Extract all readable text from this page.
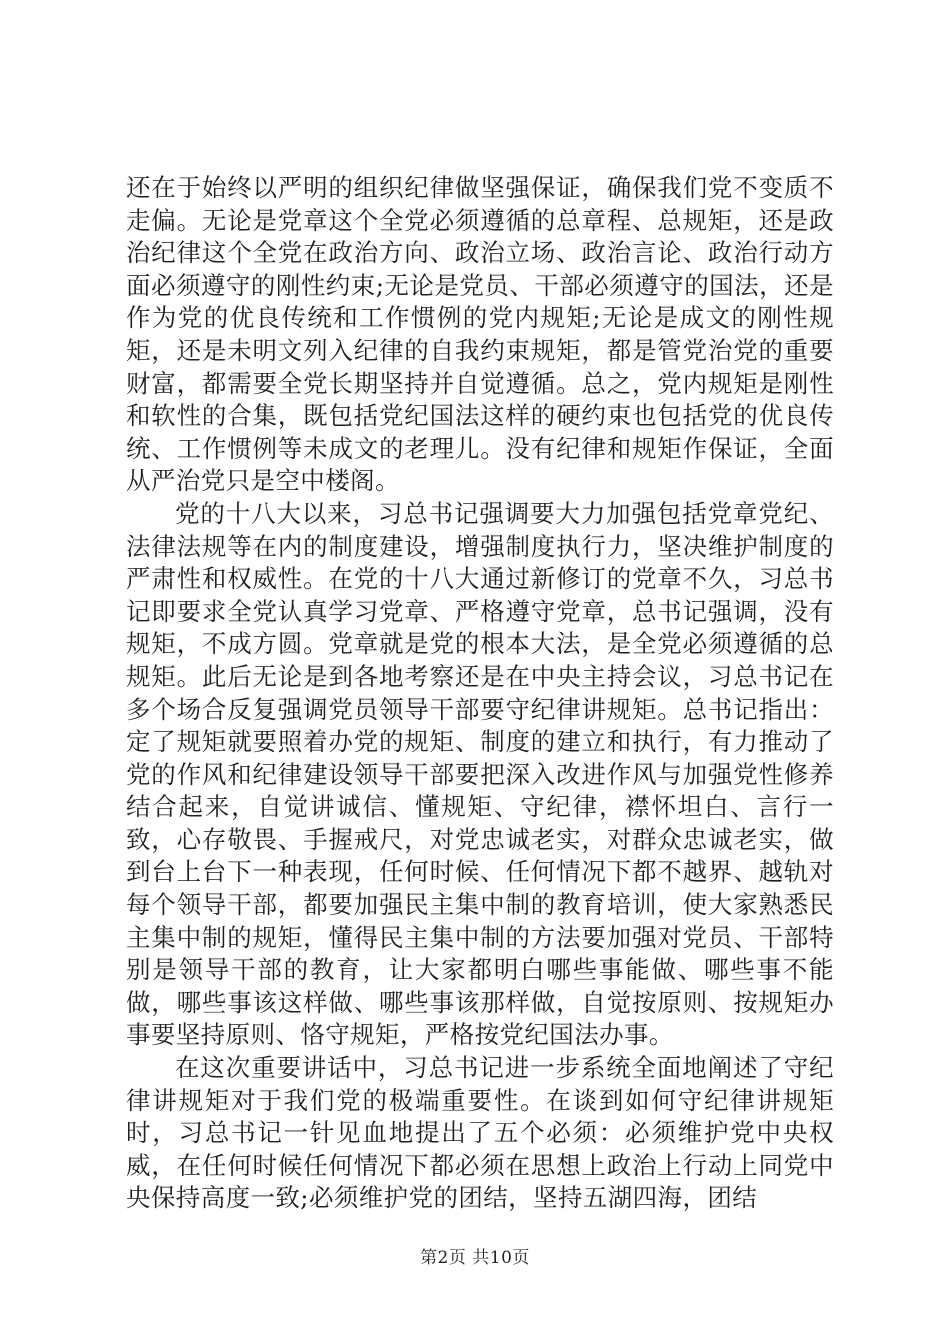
还在于始终以严明的组织纪律做坚强保证，确保我们党不变质不走偏。无论是党章这个全党必须遵循的总章程、总规矩，还是政治纪律这个全党在政治方向、政治立场、政治言论、政治行动方面必须遵守的刚性约束;无论是党员、干部必须遵守的国法，还是作为党的优良传统和工作惯例的党内规矩;无论是成文的刚性规矩，还是未明文列入纪律的自我约束规矩，都是管党治党的重要财富，都需要全党长期坚持并自觉遵循。总之，党内规矩是刚性和软性的合集，既包括党纪国法这样的硬约束也包括党的优良传统、工作惯例等未成文的老理儿。没有纪律和规矩作保证，全面从严治党只是空中楼阁。

党的十八大以来，习总书记强调要大力加强包括党章党纪、法律法规等在内的制度建设，增强制度执行力，坚决维护制度的严肃性和权威性。在党的十八大通过新修订的党章不久，习总书记即要求全党认真学习党章、严格遵守党章，总书记强调，没有规矩，不成方圆。党章就是党的根本大法，是全党必须遵循的总规矩。此后无论是到各地考察还是在中央主持会议，习总书记在多个场合反复强调党员领导干部要守纪律讲规矩。总书记指出：定了规矩就要照着办党的规矩、制度的建立和执行，有力推动了党的作风和纪律建设领导干部要把深入改进作风与加强党性修养结合起来，自觉讲诚信、懂规矩、守纪律，襟怀坦白、言行一致，心存敬畏、手握戒尺，对党忠诚老实，对群众忠诚老实，做到台上台下一种表现，任何时候、任何情况下都不越界、越轨对每个领导干部，都要加强民主集中制的教育培训，使大家熟悉民主集中制的规矩，懂得民主集中制的方法要加强对党员、干部特别是领导干部的教育，让大家都明白哪些事能做、哪些事不能做，哪些事该这样做、哪些事该那样做，自觉按原则、按规矩办事要坚持原则、恪守规矩，严格按党纪国法办事。

在这次重要讲话中，习总书记进一步系统全面地阐述了守纪律讲规矩对于我们党的极端重要性。在谈到如何守纪律讲规矩时，习总书记一针见血地提出了五个必须：必须维护党中央权威，在任何时候任何情况下都必须在思想上政治上行动上同党中央保持高度一致;必须维护党的团结，坚持五湖四海，团结

第2页 共10页
